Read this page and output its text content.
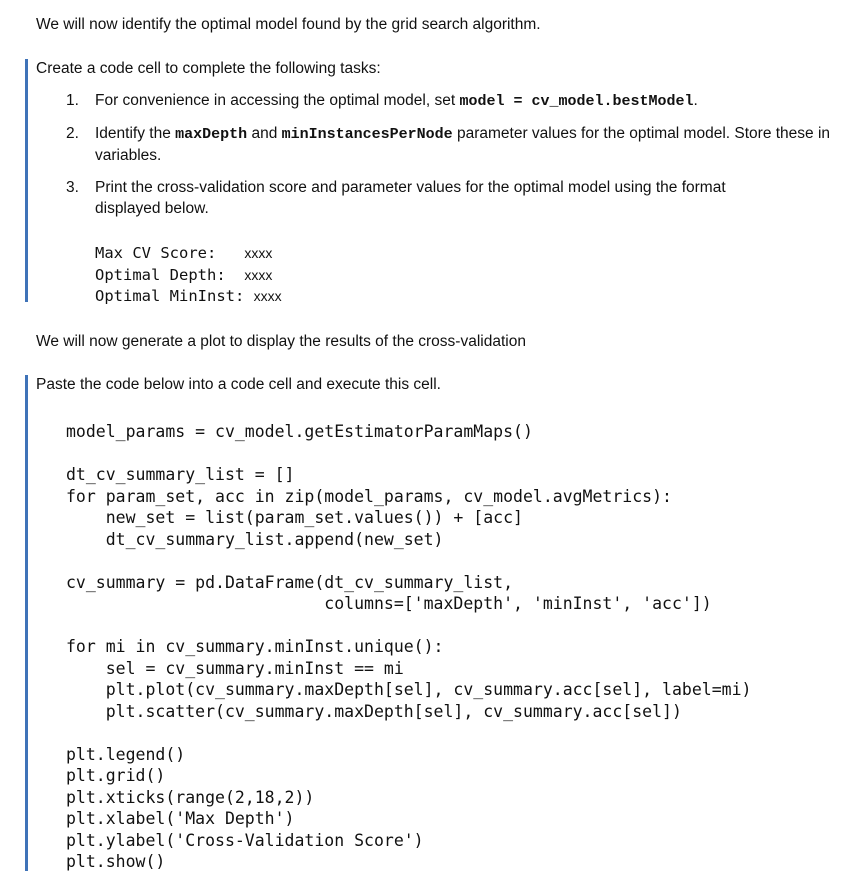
We will now identify the optimal model found by the grid search algorithm.
Create a code cell to complete the following tasks:
1.	For convenience in accessing the optimal model, set model = cv_model.bestModel.
2.	Identify the maxDepth and minInstancesPerNode parameter values for the optimal model. Store these in variables.
3.	Print the cross-validation score and parameter values for the optimal model using the format displayed below.
Max CV Score:   xxxx
Optimal Depth:  xxxx
Optimal MinInst: xxxx
We will now generate a plot to display the results of the cross-validation
Paste the code below into a code cell and execute this cell.
model_params = cv_model.getEstimatorParamMaps()

dt_cv_summary_list = []
for param_set, acc in zip(model_params, cv_model.avgMetrics):
new_set = list(param_set.values()) + [acc]
dt_cv_summary_list.append(new_set)

cv_summary = pd.DataFrame(dt_cv_summary_list,
columns=['maxDepth', 'minInst', 'acc'])

for mi in cv_summary.minInst.unique():
sel = cv_summary.minInst == mi
plt.plot(cv_summary.maxDepth[sel], cv_summary.acc[sel], label=mi)
plt.scatter(cv_summary.maxDepth[sel], cv_summary.acc[sel])

plt.legend()
plt.grid()
plt.xticks(range(2,18,2))
plt.xlabel('Max Depth')
plt.ylabel('Cross-Validation Score')
plt.show()
